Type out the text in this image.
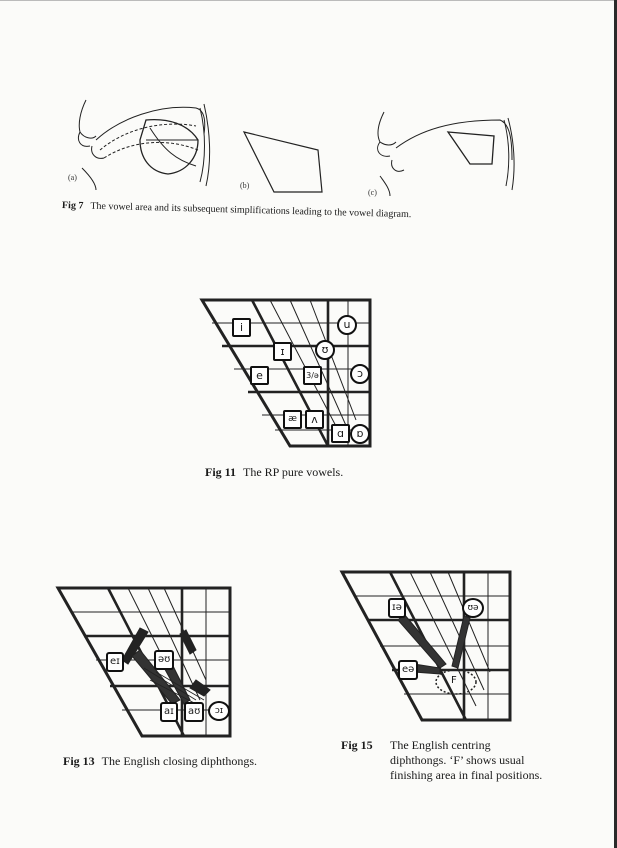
(a)
(b)
(c)
Fig 7 The vowel area and its subsequent simplifications leading to the vowel diagram.
i
ɪ
e
æ	ʌ
ɑ	ɒ
ɔ
ʊ
u
3/ə
Fig 11 The RP pure vowels.
eɪ	əʊ
aɪ	aʊ	ɔɪ
Fig 13 The English closing diphthongs.
ɪə	ʊə
eə
F
Fig 15	The English centring
diphthongs. ‘F’ shows usual
finishing area in final positions.
